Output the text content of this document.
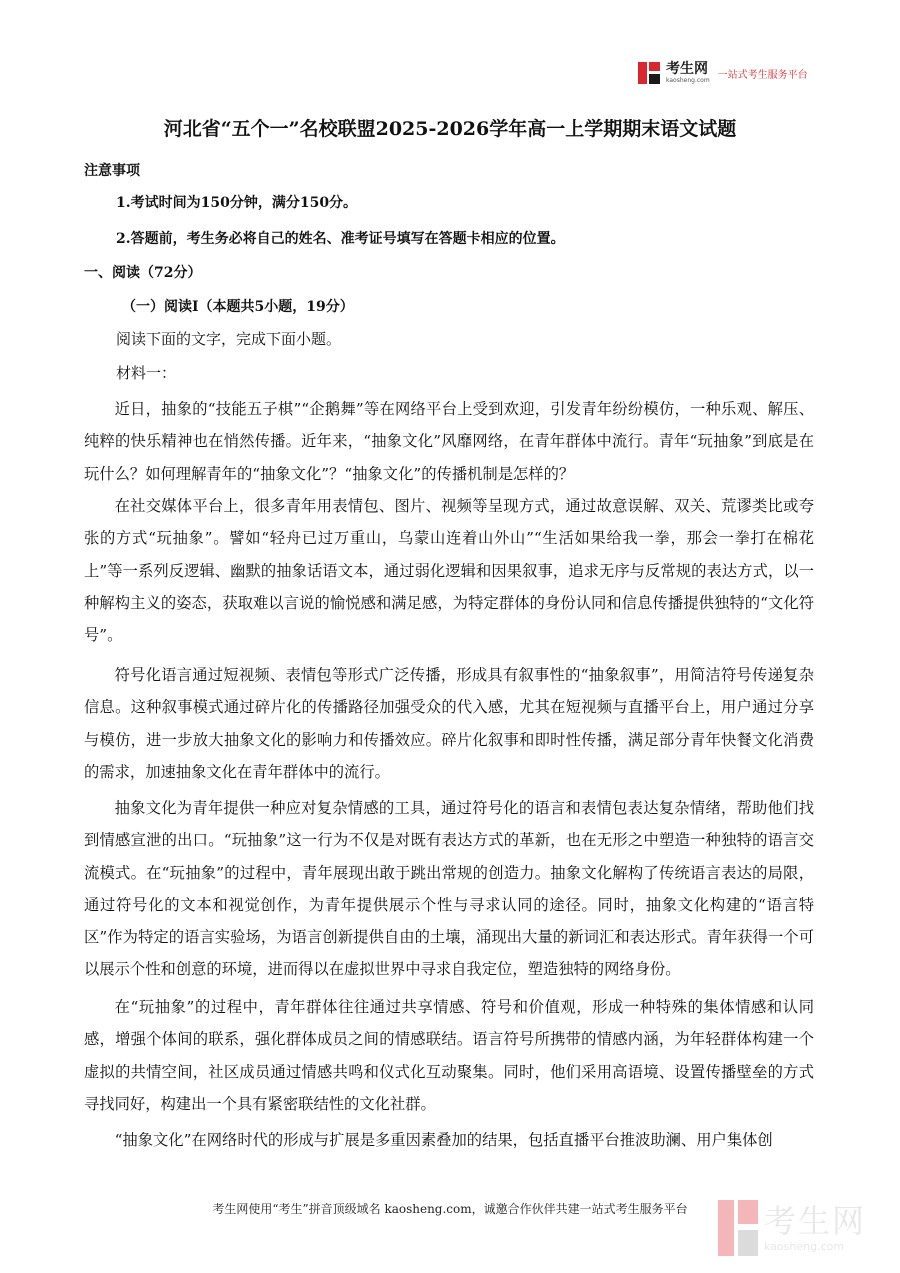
考生网
kaosheng.com 一站式考生服务平台
河北省“五个一”名校联盟2025-2026学年高一上学期期末语文试题
注意事项
1.考试时间为150分钟，满分150分。
2.答题前，考生务必将自己的姓名、准考证号填写在答题卡相应的位置。
一、阅读（72分）
（一）阅读I（本题共5小题，19分）
阅读下面的文字，完成下面小题。
材料一：

近日，抽象的“技能五子棋”“企鹅舞”等在网络平台上受到欢迎，引发青年纷纷模仿，一种乐观、解压、纯粹的快乐精神也在悄然传播。近年来，“抽象文化”风靡网络，在青年群体中流行。青年“玩抽象”到底是在玩什么？如何理解青年的“抽象文化”？“抽象文化”的传播机制是怎样的？

在社交媒体平台上，很多青年用表情包、图片、视频等呈现方式，通过故意误解、双关、荒谬类比或夸张的方式“玩抽象”。譬如“轻舟已过万重山，乌蒙山连着山外山”“生活如果给我一拳，那会一拳打在棉花上”等一系列反逻辑、幽默的抽象话语文本，通过弱化逻辑和因果叙事，追求无序与反常规的表达方式，以一种解构主义的姿态，获取难以言说的愉悦感和满足感，为特定群体的身份认同和信息传播提供独特的“文化符号”。

符号化语言通过短视频、表情包等形式广泛传播，形成具有叙事性的“抽象叙事”，用简洁符号传递复杂信息。这种叙事模式通过碎片化的传播路径加强受众的代入感，尤其在短视频与直播平台上，用户通过分享与模仿，进一步放大抽象文化的影响力和传播效应。碎片化叙事和即时性传播，满足部分青年快餐文化消费的需求，加速抽象文化在青年群体中的流行。

抽象文化为青年提供一种应对复杂情感的工具，通过符号化的语言和表情包表达复杂情绪，帮助他们找到情感宣泄的出口。“玩抽象”这一行为不仅是对既有表达方式的革新，也在无形之中塑造一种独特的语言交流模式。在“玩抽象”的过程中，青年展现出敢于跳出常规的创造力。抽象文化解构了传统语言表达的局限，通过符号化的文本和视觉创作，为青年提供展示个性与寻求认同的途径。同时，抽象文化构建的“语言特区”作为特定的语言实验场，为语言创新提供自由的土壤，涌现出大量的新词汇和表达形式。青年获得一个可以展示个性和创意的环境，进而得以在虚拟世界中寻求自我定位，塑造独特的网络身份。

在“玩抽象”的过程中，青年群体往往通过共享情感、符号和价值观，形成一种特殊的集体情感和认同感，增强个体间的联系，强化群体成员之间的情感联结。语言符号所携带的情感内涵，为年轻群体构建一个虚拟的共情空间，社区成员通过情感共鸣和仪式化互动聚集。同时，他们采用高语境、设置传播壁垒的方式寻找同好，构建出一个具有紧密联结性的文化社群。

“抽象文化”在网络时代的形成与扩展是多重因素叠加的结果，包括直播平台推波助澜、用户集体创

考生网使用“考生”拼音顶级域名 kaosheng.com，诚邀合作伙伴共建一站式考生服务平台	考生网
kaosheng.com
